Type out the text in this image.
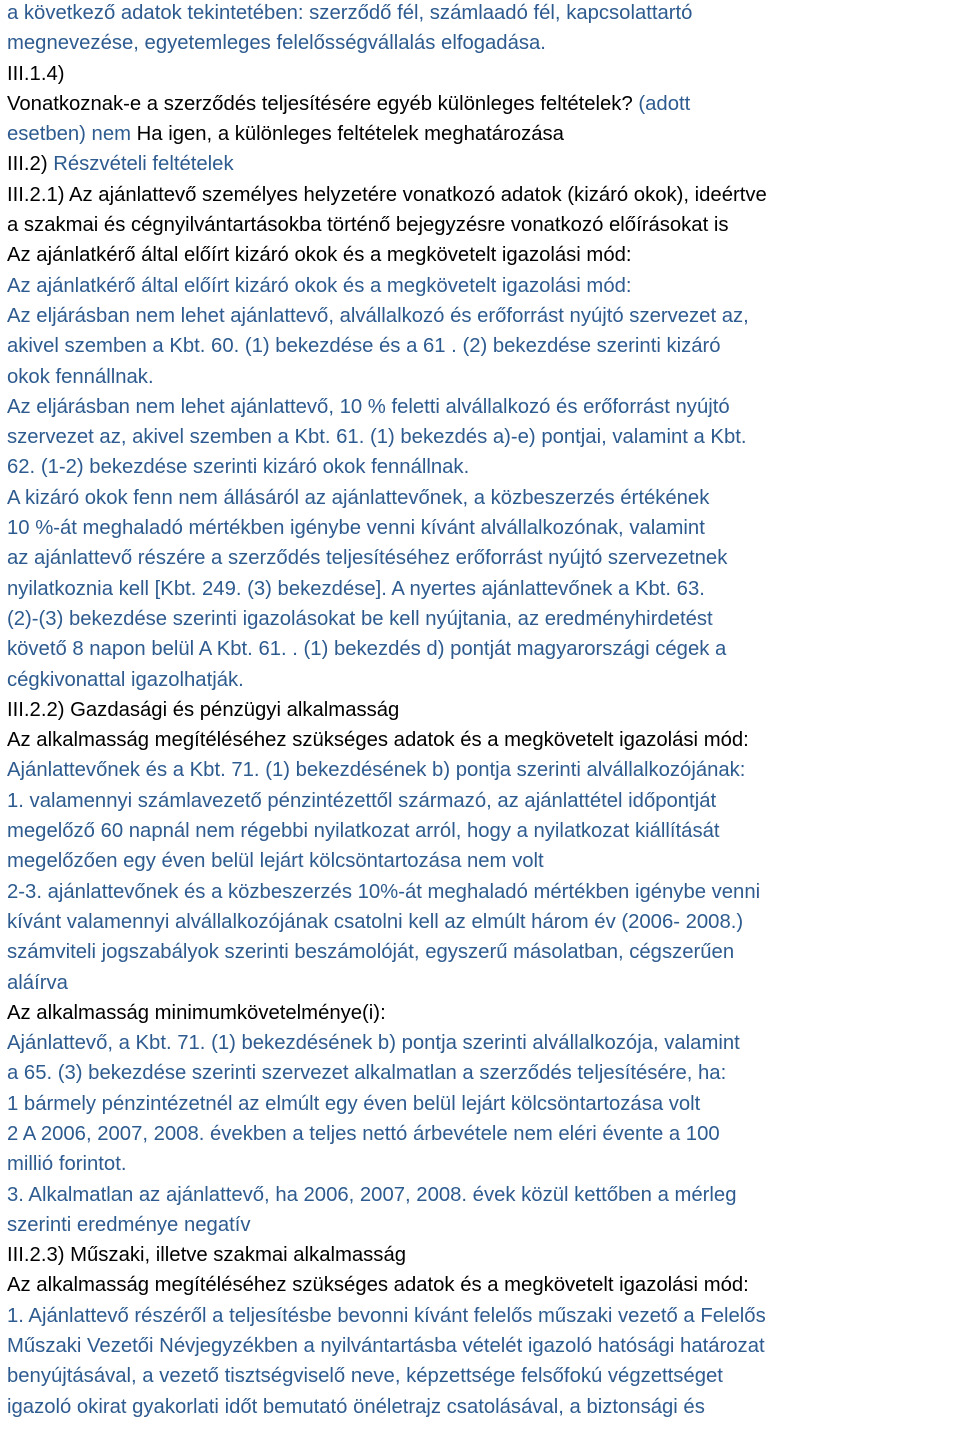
a következő adatok tekintetében: szerződő fél, számlaadó fél, kapcsolattartó
megnevezése, egyetemleges felelősségvállalás elfogadása.
III.1.4)
Vonatkoznak-e a szerződés teljesítésére egyéb különleges feltételek? (adott
esetben) nem Ha igen, a különleges feltételek meghatározása
III.2) Részvételi feltételek
III.2.1) Az ajánlattevő személyes helyzetére vonatkozó adatok (kizáró okok), ideértve
a szakmai és cégnyilvántartásokba történő bejegyzésre vonatkozó előírásokat is
Az ajánlatkérő által előírt kizáró okok és a megkövetelt igazolási mód:
Az ajánlatkérő által előírt kizáró okok és a megkövetelt igazolási mód:
Az eljárásban nem lehet ajánlattevő, alvállalkozó és erőforrást nyújtó szervezet az,
akivel szemben a Kbt. 60. (1) bekezdése és a 61 . (2) bekezdése szerinti kizáró
okok fennállnak.
Az eljárásban nem lehet ajánlattevő, 10 % feletti alvállalkozó és erőforrást nyújtó
szervezet az, akivel szemben a Kbt. 61. (1) bekezdés a)-e) pontjai, valamint a Kbt.
62. (1-2) bekezdése szerinti kizáró okok fennállnak.
A kizáró okok fenn nem állásáról az ajánlattevőnek, a közbeszerzés értékének
10 %-át meghaladó mértékben igénybe venni kívánt alvállalkozónak, valamint
az ajánlattevő részére a szerződés teljesítéséhez erőforrást nyújtó szervezetnek
nyilatkoznia kell [Kbt. 249. (3) bekezdése]. A nyertes ajánlattevőnek a Kbt. 63.
(2)-(3) bekezdése szerinti igazolásokat be kell nyújtania, az eredményhirdetést
követő 8 napon belül A Kbt. 61. . (1) bekezdés d) pontját magyarországi cégek a
cégkivonattal igazolhatják.
III.2.2) Gazdasági és pénzügyi alkalmasság
Az alkalmasság megítéléséhez szükséges adatok és a megkövetelt igazolási mód:
Ajánlattevőnek és a Kbt. 71. (1) bekezdésének b) pontja szerinti alvállalkozójának:
1. valamennyi számlavezető pénzintézettől származó, az ajánlattétel időpontját
megelőző 60 napnál nem régebbi nyilatkozat arról, hogy a nyilatkozat kiállítását
megelőzően egy éven belül lejárt kölcsöntartozása nem volt
2-3. ajánlattevőnek és a közbeszerzés 10%-át meghaladó mértékben igénybe venni
kívánt valamennyi alvállalkozójának csatolni kell az elmúlt három év (2006- 2008.)
számviteli jogszabályok szerinti beszámolóját, egyszerű másolatban, cégszerűen
aláírva
Az alkalmasság minimumkövetelménye(i):
Ajánlattevő, a Kbt. 71. (1) bekezdésének b) pontja szerinti alvállalkozója, valamint
a 65. (3) bekezdése szerinti szervezet alkalmatlan a szerződés teljesítésére, ha:
1 bármely pénzintézetnél az elmúlt egy éven belül lejárt kölcsöntartozása volt
2 A 2006, 2007, 2008. években a teljes nettó árbevétele nem eléri évente a 100
millió forintot.
3. Alkalmatlan az ajánlattevő, ha 2006, 2007, 2008. évek közül kettőben a mérleg
szerinti eredménye negatív
III.2.3) Műszaki, illetve szakmai alkalmasság
Az alkalmasság megítéléséhez szükséges adatok és a megkövetelt igazolási mód:
1. Ajánlattevő részéről a teljesítésbe bevonni kívánt felelős műszaki vezető a Felelős
Műszaki Vezetői Névjegyzékben a nyilvántartásba vételét igazoló hatósági határozat
benyújtásával, a vezető tisztségviselő neve, képzettsége felsőfokú végzettséget
igazoló okirat gyakorlati időt bemutató önéletrajz csatolásával, a biztonsági és
